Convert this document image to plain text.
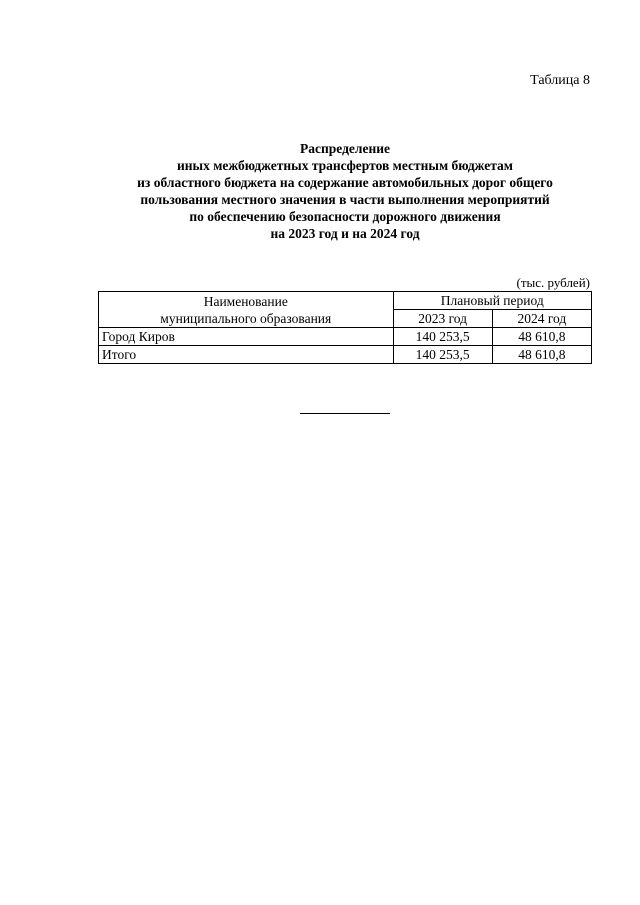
Таблица 8
Распределение
иных межбюджетных трансфертов местным бюджетам
из областного бюджета на содержание автомобильных дорог общего
пользования местного значения в части выполнения мероприятий
по обеспечению безопасности дорожного движения
на 2023 год и на 2024 год
(тыс. рублей)
Наименование
муниципального образования	Плановый период	
	2023 год	2024 год
Город Киров	140 253,5	48 610,8
Итого	140 253,5	48 610,8
